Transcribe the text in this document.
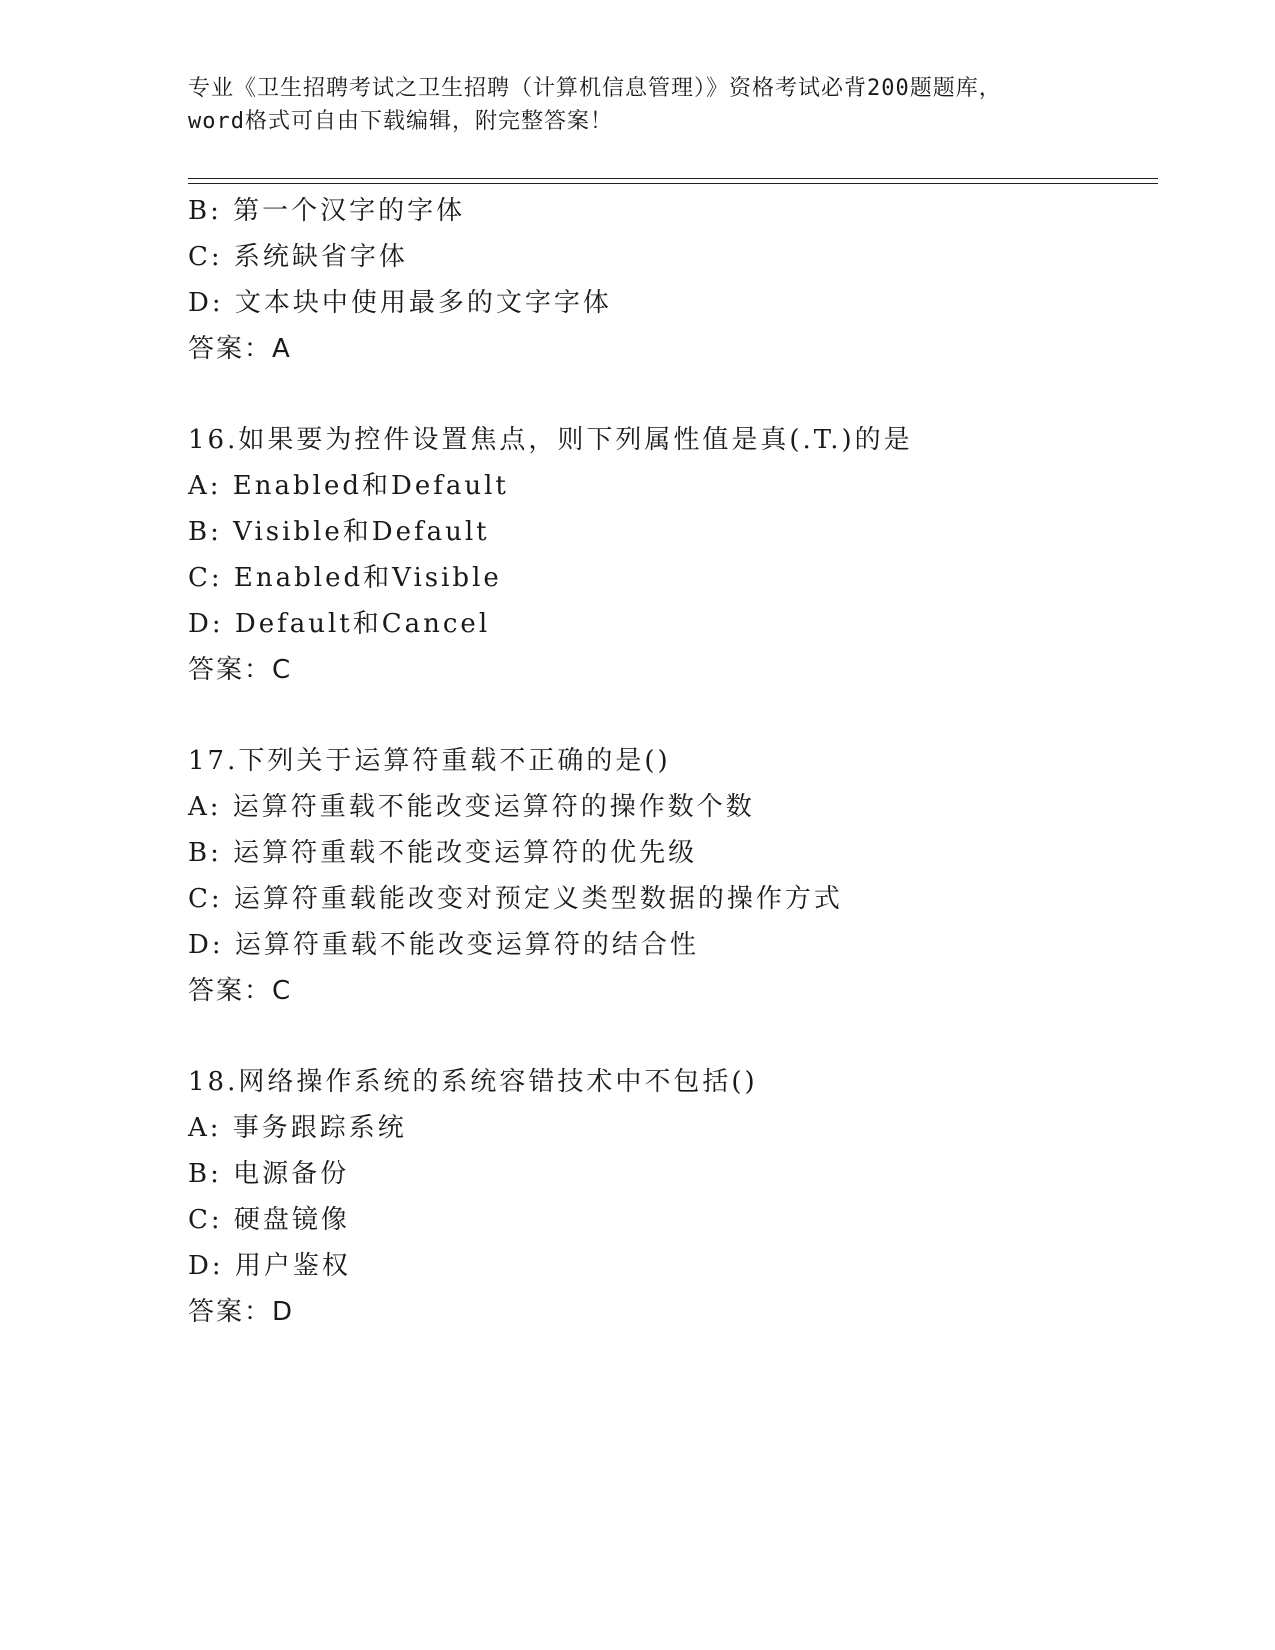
专业《卫生招聘考试之卫生招聘（计算机信息管理）》资格考试必背200题题库，
word格式可自由下载编辑，附完整答案！
B: 第一个汉字的字体
C: 系统缺省字体
D: 文本块中使用最多的文字字体
答案：A
16.如果要为控件设置焦点，则下列属性值是真(.T.)的是
A: Enabled和Default
B: Visible和Default
C: Enabled和Visible
D: Default和Cancel
答案：C
17.下列关于运算符重载不正确的是()
A: 运算符重载不能改变运算符的操作数个数
B: 运算符重载不能改变运算符的优先级
C: 运算符重载能改变对预定义类型数据的操作方式
D: 运算符重载不能改变运算符的结合性
答案：C
18.网络操作系统的系统容错技术中不包括()
A: 事务跟踪系统
B: 电源备份
C: 硬盘镜像
D: 用户鉴权
答案：D
